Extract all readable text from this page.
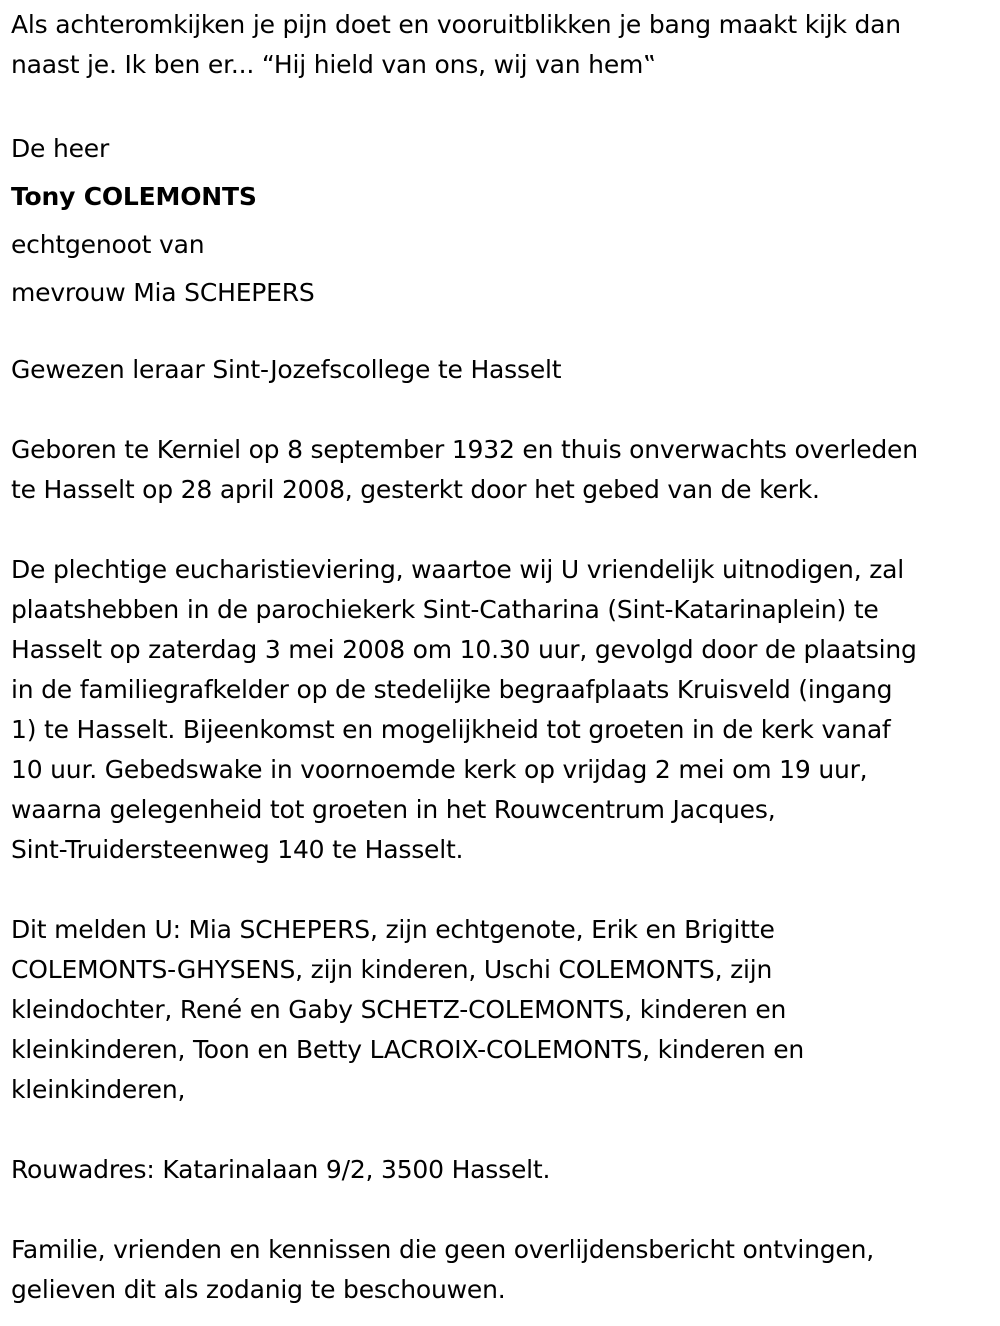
Als achteromkijken je pijn doet en vooruitblikken je bang maakt kijk dan
naast je. Ik ben er... “Hij hield van ons, wij van hem‟
De heer
Tony COLEMONTS
echtgenoot van
mevrouw Mia SCHEPERS
Gewezen leraar Sint-Jozefscollege te Hasselt
Geboren te Kerniel op 8 september 1932 en thuis onverwachts overleden
te Hasselt op 28 april 2008, gesterkt door het gebed van de kerk.
De plechtige eucharistieviering, waartoe wij U vriendelijk uitnodigen, zal
plaatshebben in de parochiekerk Sint-Catharina (Sint-Katarinaplein) te
Hasselt op zaterdag 3 mei 2008 om 10.30 uur, gevolgd door de plaatsing
in de familiegrafkelder op de stedelijke begraafplaats Kruisveld (ingang
1) te Hasselt. Bijeenkomst en mogelijkheid tot groeten in de kerk vanaf
10 uur. Gebedswake in voornoemde kerk op vrijdag 2 mei om 19 uur,
waarna gelegenheid tot groeten in het Rouwcentrum Jacques,
Sint-Truidersteenweg 140 te Hasselt.
Dit melden U: Mia SCHEPERS, zijn echtgenote, Erik en Brigitte
COLEMONTS-GHYSENS, zijn kinderen, Uschi COLEMONTS, zijn
kleindochter, René en Gaby SCHETZ-COLEMONTS, kinderen en
kleinkinderen, Toon en Betty LACROIX-COLEMONTS, kinderen en
kleinkinderen,
Rouwadres: Katarinalaan 9/2, 3500 Hasselt.
Familie, vrienden en kennissen die geen overlijdensbericht ontvingen,
gelieven dit als zodanig te beschouwen.
